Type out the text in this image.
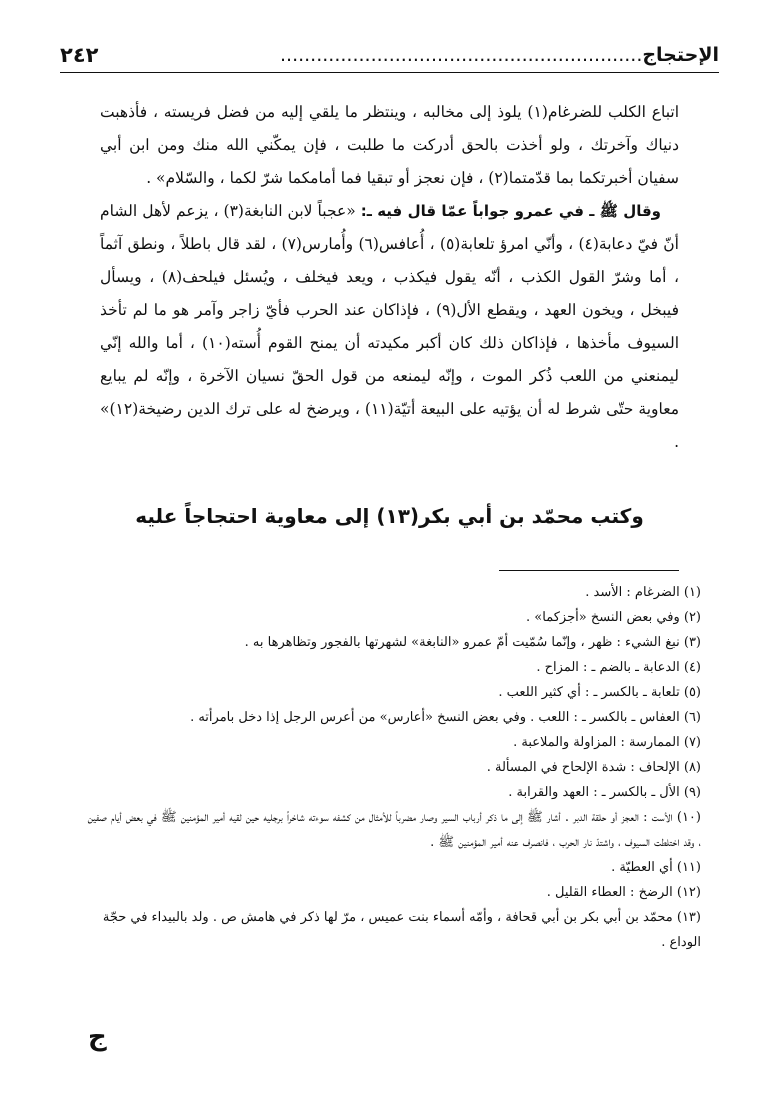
٢٤٢	الإحتجاج............................................................

اتباع الكلب للضرغام(١) يلوذ إلى مخالبه ، وينتظر ما يلقي إليه من فضل فريسته ، فأذهبت دنياك وآخرتك ، ولو أخذت بالحق أدركت ما طلبت ، فإن يمكّني الله منك ومن ابن أبي سفيان أخبرتكما بما قدّمتما(٢) ، فإن نعجز أو تبقيا فما أمامكما شرّ لكما ، والسّلام» .

وقال ﷺ ـ في عمرو جواباً عمّا قال فيه ـ: «عجباً لابن النابغة(٣) ، يزعم لأهل الشام أنّ فيّ دعابة(٤) ، وأنّي امرؤ تلعابة(٥) ، أُعافس(٦) وأُمارس(٧) ، لقد قال باطلاً ، ونطق آثماً ، أما وشرّ القول الكذب ، أنّه يقول فيكذب ، ويعد فيخلف ، ويُسئل فيلحف(٨) ، ويسأل فيبخل ، ويخون العهد ، ويقطع الأل(٩) ، فإذاكان عند الحرب فأيّ زاجر وآمر هو ما لم تأخذ السيوف مأخذها ، فإذاكان ذلك كان أكبر مكيدته أن يمنح القوم أُسته(١٠) ، أما والله إنّي ليمنعني من اللعب ذُكر الموت ، وإنّه ليمنعه من قول الحقّ نسيان الآخرة ، وإنّه لم يبايع معاوية حتّى شرط له أن يؤتيه على البيعة أتيّة(١١) ، ويرضخ له على ترك الدين رضيخة(١٢)» .

وكتب محمّد بن أبي بكر(١٣) إلى معاوية احتجاجاً عليه

(١) الضرغام : الأسد .

(٢) وفي بعض النسخ «أجزكما» .

(٣) نبغ الشيء : ظهر ، وإنّما سُمّيت أمّ عمرو «النابغة» لشهرتها بالفجور وتظاهرها به .

(٤) الدعابة ـ بالضم ـ : المزاح .

(٥) تلعابة ـ بالكسر ـ : أي كثير اللعب .

(٦) العفاس ـ بالكسر ـ : اللعب . وفي بعض النسخ «أعارس» من أعرس الرجل إذا دخل بامرأته .

(٧) الممارسة : المزاولة والملاعبة .

(٨) الإلحاف : شدة الإلحاح في المسألة .

(٩) الأل ـ بالكسر ـ : العهد والقرابة .

(١٠) الأست : العجز أو حلقة الدبر . أشار ﷺ إلى ما ذكر أرباب السير وصار مضرباً للأمثال من كشفه سوءته شاخراً برجليه حين لقيه أمير المؤمنين ﷺ في بعض أيام صفين ، وقد اختلطت السيوف ، واشتدّ نار الحرب ، فانصرف عنه أمير المؤمنين ﷺ .

(١١) أي العطيّة .

(١٢) الرضخ : العطاء القليل .

(١٣) محمّد بن أبي بكر بن أبي قحافة ، وأمّه أسماء بنت عميس ، مرّ لها ذكر في هامش ص . ولد بالبيداء في حجّة الوداع .

ج
